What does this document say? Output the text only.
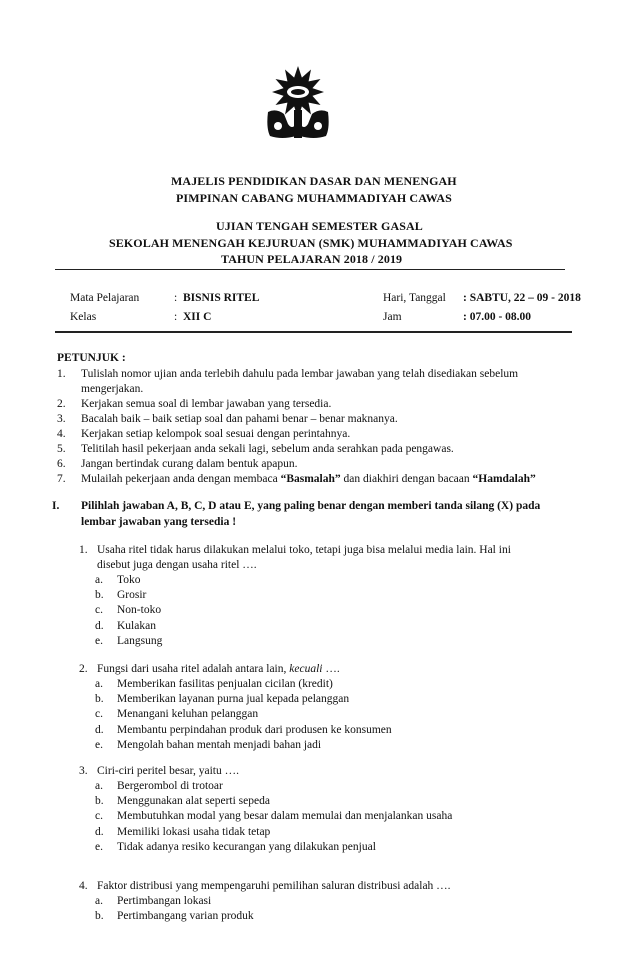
MAJELIS PENDIDIKAN DASAR DAN MENENGAH
PIMPINAN CABANG MUHAMMADIYAH CAWAS
UJIAN TENGAH SEMESTER GASAL
SEKOLAH MENENGAH KEJURUAN (SMK) MUHAMMADIYAH CAWAS
TAHUN PELAJARAN 2018 / 2019
Mata Pelajaran	: BISNIS RITEL	Hari, Tanggal : SABTU, 22 – 09 - 2018
Kelas	: XII C	Jam	: 07.00 - 08.00
PETUNJUK :
1. Tulislah nomor ujian anda terlebih dahulu pada lembar jawaban yang telah disediakan sebelum
mengerjakan.
2. Kerjakan semua soal di lembar jawaban yang tersedia.
3. Bacalah baik – baik setiap soal dan pahami benar – benar maknanya.
4. Kerjakan setiap kelompok soal sesuai dengan perintahnya.
5. Telitilah hasil pekerjaan anda sekali lagi, sebelum anda serahkan pada pengawas.
6. Jangan bertindak curang dalam bentuk apapun.
7. Mulailah pekerjaan anda dengan membaca “Basmalah” dan diakhiri dengan bacaan “Hamdalah”
I. Pilihlah jawaban A, B, C, D atau E, yang paling benar dengan memberi tanda silang (X) pada
lembar jawaban yang tersedia !
1. Usaha ritel tidak harus dilakukan melalui toko, tetapi juga bisa melalui media lain. Hal ini
disebut juga dengan usaha ritel ….
a. Toko
b. Grosir
c. Non-toko
d. Kulakan
e. Langsung
2. Fungsi dari usaha ritel adalah antara lain, kecuali ….
a. Memberikan fasilitas penjualan cicilan (kredit)
b. Memberikan layanan purna jual kepada pelanggan
c. Menangani keluhan pelanggan
d. Membantu perpindahan produk dari produsen ke konsumen
e. Mengolah bahan mentah menjadi bahan jadi
3. Ciri-ciri peritel besar, yaitu ….
a. Bergerombol di trotoar
b. Menggunakan alat seperti sepeda
c. Membutuhkan modal yang besar dalam memulai dan menjalankan usaha
d. Memiliki lokasi usaha tidak tetap
e. Tidak adanya resiko kecurangan yang dilakukan penjual
4. Faktor distribusi yang mempengaruhi pemilihan saluran distribusi adalah ….
a. Pertimbangan lokasi
b. Pertimbangang varian produk
